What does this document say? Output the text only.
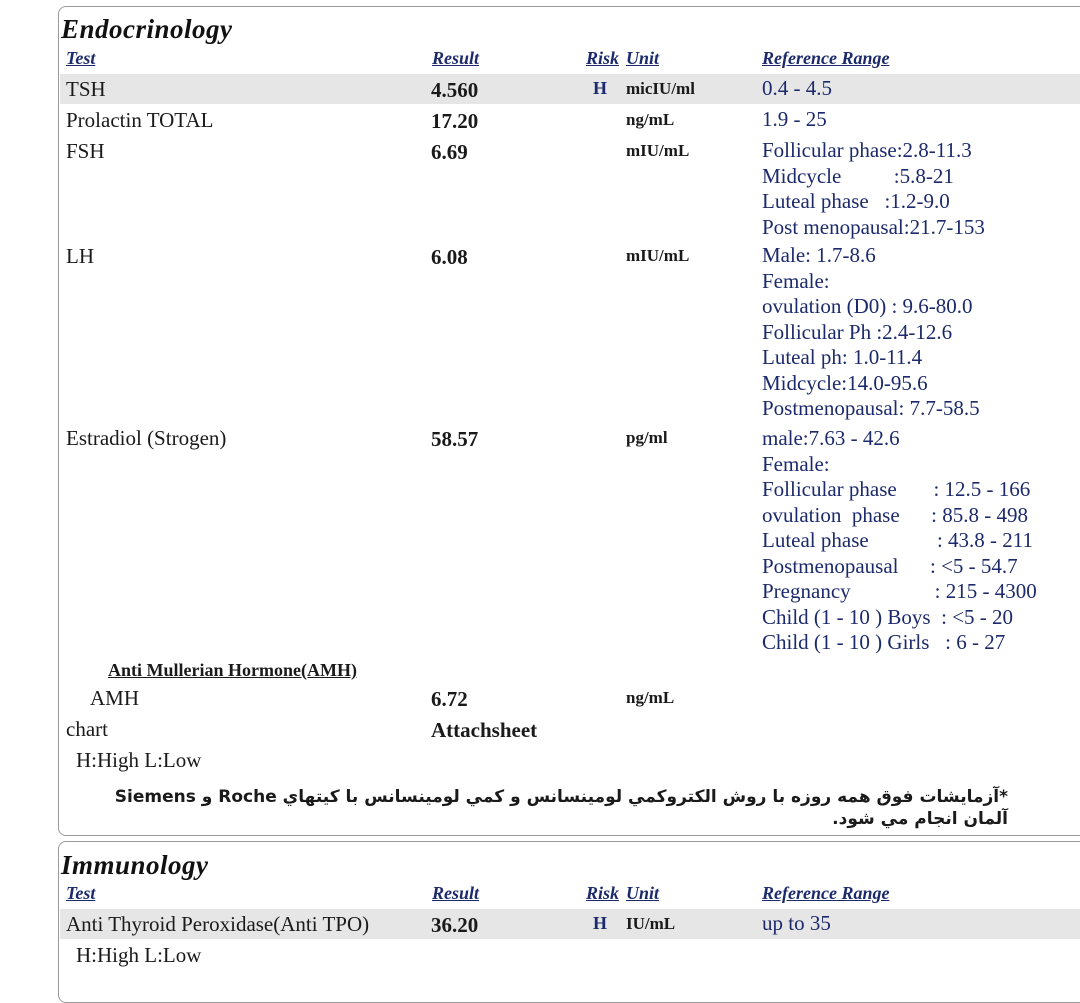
Endocrinology
Test	Result	Risk Unit	Reference Range
TSH	4.560	H micIU/ml	0.4 - 4.5
Prolactin TOTAL	17.20	ng/mL	1.9 - 25
FSH	6.69	mIU/mL	Follicular phase:2.8-11.3
Midcycle          :5.8-21
Luteal phase   :1.2-9.0
Post menopausal:21.7-153
LH	6.08	mIU/mL	Male: 1.7-8.6
Female:
ovulation (D0) : 9.6-80.0
Follicular Ph :2.4-12.6
Luteal ph: 1.0-11.4
Midcycle:14.0-95.6
Postmenopausal: 7.7-58.5
Estradiol (Strogen)	58.57	pg/ml	male:7.63 - 42.6
Female:
Follicular phase       : 12.5 - 166
ovulation  phase      : 85.8 - 498
Luteal phase             : 43.8 - 211
Postmenopausal      : <5 - 54.7
Pregnancy                : 215 - 4300
Child (1 - 10 ) Boys  : <5 - 20
Child (1 - 10 ) Girls   : 6 - 27
Anti Mullerian Hormone(AMH)
AMH	6.72	ng/mL
chart	Attachsheet
H:High L:Low
*آزمایشات فوق همه روزه با روش الکتروکمي لومينسانس و کمي لومينسانس با کيتهاي Roche و Siemens آلمان انجام مي شود.
Immunology
Test	Result	Risk Unit	Reference Range
Anti Thyroid Peroxidase(Anti TPO)	36.20	H IU/mL	up to 35
H:High L:Low
